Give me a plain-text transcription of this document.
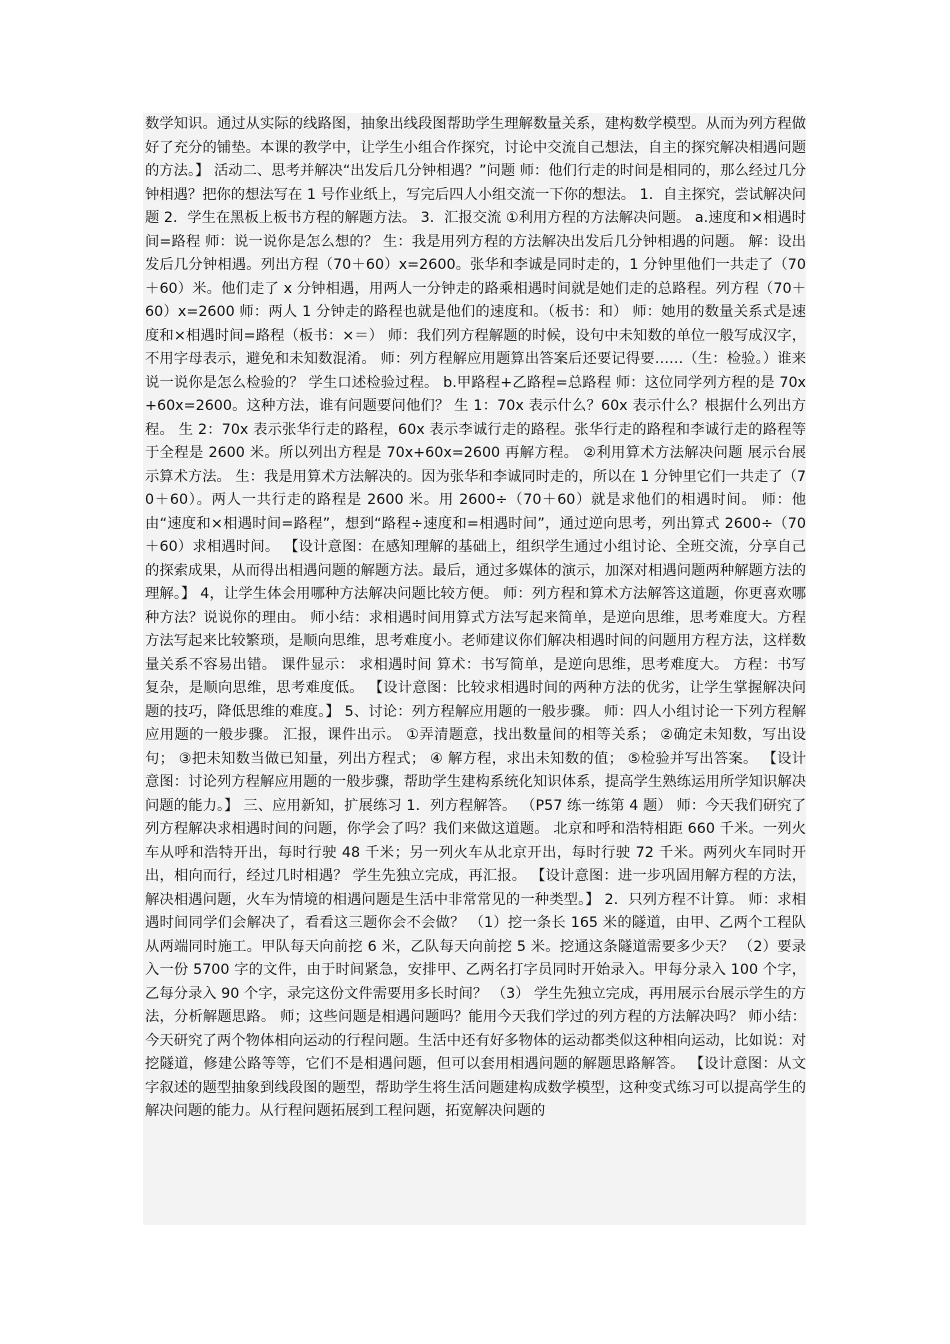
数学知识。通过从实际的线路图，抽象出线段图帮助学生理解数量关系，建构数学模型。从而为列方程做好了充分的铺垫。本课的教学中，让学生小组合作探究，讨论中交流自己想法，自主的探究解决相遇问题的方法。】 活动二、思考并解决“出发后几分钟相遇？”问题 师：他们行走的时间是相同的，那么经过几分钟相遇？把你的想法写在 1 号作业纸上，写完后四人小组交流一下你的想法。 1．自主探究，尝试解决问题 2．学生在黑板上板书方程的解题方法。 3．汇报交流 ①利用方程的方法解决问题。 a.速度和×相遇时间=路程 师：说一说你是怎么想的？ 生：我是用列方程的方法解决出发后几分钟相遇的问题。 解：设出发后几分钟相遇。列出方程（70＋60）x=2600。张华和李诚是同时走的，1 分钟里他们一共走了（70＋60）米。他们走了 x 分钟相遇，用两人一分钟走的路乘相遇时间就是她们走的总路程。列方程（70＋60）x=2600 师：两人 1 分钟走的路程也就是他们的速度和。（板书：和） 师：她用的数量关系式是速度和×相遇时间=路程（板书：×＝） 师：我们列方程解题的时候，设句中未知数的单位一般写成汉字，不用字母表示，避免和未知数混淆。 师：列方程解应用题算出答案后还要记得要……（生：检验。）谁来说一说你是怎么检验的？ 学生口述检验过程。 b.甲路程+乙路程=总路程 师：这位同学列方程的是 70x+60x=2600。这种方法，谁有问题要问他们？ 生 1：70x 表示什么？60x 表示什么？根据什么列出方程。 生 2：70x 表示张华行走的路程，60x 表示李诚行走的路程。张华行走的路程和李诚行走的路程等于全程是 2600 米。所以列出方程是 70x+60x=2600 再解方程。 ②利用算术方法解决问题 展示台展示算术方法。 生：我是用算术方法解决的。因为张华和李诚同时走的，所以在 1 分钟里它们一共走了（70＋60）。两人一共行走的路程是 2600 米。用 2600÷（70＋60）就是求他们的相遇时间。 师：他由“速度和×相遇时间=路程”，想到“路程÷速度和=相遇时间”，通过逆向思考，列出算式 2600÷（70＋60）求相遇时间。 【设计意图：在感知理解的基础上，组织学生通过小组讨论、全班交流，分享自己的探索成果，从而得出相遇问题的解题方法。最后，通过多媒体的演示，加深对相遇问题两种解题方法的理解。】 4，让学生体会用哪种方法解决问题比较方便。 师：列方程和算术方法解答这道题，你更喜欢哪种方法？说说你的理由。 师小结：求相遇时间用算式方法写起来简单，是逆向思维，思考难度大。方程方法写起来比较繁琐，是顺向思维，思考难度小。老师建议你们解决相遇时间的问题用方程方法，这样数量关系不容易出错。 课件显示： 求相遇时间 算术：书写简单，是逆向思维，思考难度大。 方程：书写复杂，是顺向思维，思考难度低。 【设计意图：比较求相遇时间的两种方法的优劣，让学生掌握解决问题的技巧，降低思维的难度。】 5、讨论：列方程解应用题的一般步骤。 师：四人小组讨论一下列方程解应用题的一般步骤。 汇报，课件出示。 ①弄清题意，找出数量间的相等关系； ②确定未知数，写出设句； ③把未知数当做已知量，列出方程式； ④ 解方程，求出未知数的值； ⑤检验并写出答案。 【设计意图：讨论列方程解应用题的一般步骤，帮助学生建构系统化知识体系，提高学生熟练运用所学知识解决问题的能力。】 三、应用新知，扩展练习 1．列方程解答。 （P57 练一练第 4 题） 师：今天我们研究了列方程解决求相遇时间的问题，你学会了吗？我们来做这道题。 北京和呼和浩特相距 660 千米。一列火车从呼和浩特开出，每时行驶 48 千米；另一列火车从北京开出，每时行驶 72 千米。两列火车同时开出，相向而行，经过几时相遇？ 学生先独立完成，再汇报。 【设计意图：进一步巩固用解方程的方法，解决相遇问题，火车为情境的相遇问题是生活中非常常见的一种类型。】 2．只列方程不计算。 师：求相遇时间同学们会解决了，看看这三题你会不会做？ （1）挖一条长 165 米的隧道，由甲、乙两个工程队从两端同时施工。甲队每天向前挖 6 米，乙队每天向前挖 5 米。挖通这条隧道需要多少天？ （2）要录入一份 5700 字的文件，由于时间紧急，安排甲、乙两名打字员同时开始录入。甲每分录入 100 个字，乙每分录入 90 个字，录完这份文件需要用多长时间？ （3） 学生先独立完成，再用展示台展示学生的方法，分析解题思路。 师；这些问题是相遇问题吗？能用今天我们学过的列方程的方法解决吗？ 师小结：今天研究了两个物体相向运动的行程问题。生活中还有好多物体的运动都类似这种相向运动，比如说：对挖隧道，修建公路等等，它们不是相遇问题，但可以套用相遇问题的解题思路解答。 【设计意图：从文字叙述的题型抽象到线段图的题型，帮助学生将生活问题建构成数学模型，这种变式练习可以提高学生的解决问题的能力。从行程问题拓展到工程问题，拓宽解决问题的
